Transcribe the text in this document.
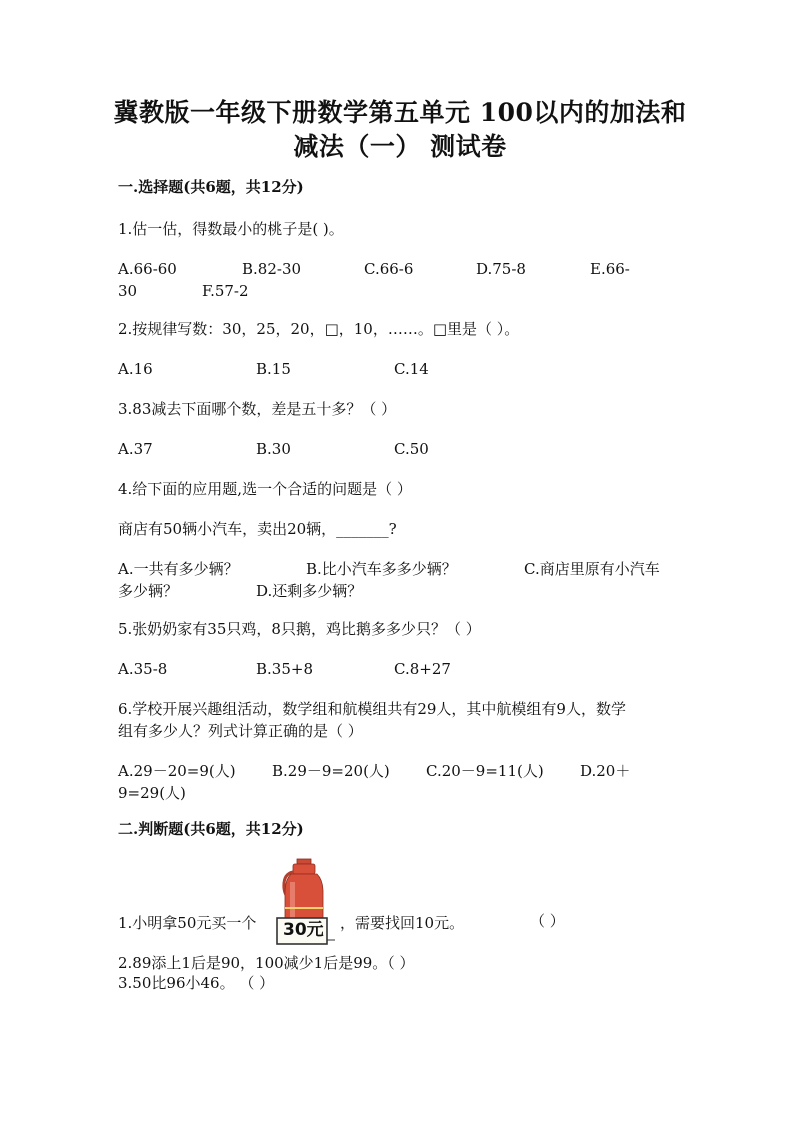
冀教版一年级下册数学第五单元 100以内的加法和
减法（一） 测试卷
一.选择题(共6题，共12分)
1.估一估，得数最小的桃子是( )。
A.66-60	B.82-30	C.66-6	D.75-8	E.66-
30	F.57-2
2.按规律写数：30，25，20，□，10，……。□里是（ ）。
A.16	B.15	C.14
3.83减去下面哪个数，差是五十多？（ ）
A.37	B.30	C.50
4.给下面的应用题,选一个合适的问题是（ ）
商店有50辆小汽车，卖出20辆，_______?
A.一共有多少辆？	B.比小汽车多多少辆？	C.商店里原有小汽车
多少辆？	D.还剩多少辆？
5.张奶奶家有35只鸡，8只鹅，鸡比鹅多多少只？（ ）
A.35-8	B.35+8	C.8+27
6.学校开展兴趣组活动，数学组和航模组共有29人，其中航模组有9人，数学
组有多少人？列式计算正确的是（ ）
A.29－20=9(人) B.29－9=20(人) C.20－9=11(人) D.20＋
9=29(人)
二.判断题(共6题，共12分)
1.小明拿50元买一个 30元 ，需要找回10元。	（ ）
2.89添上1后是90，100减少1后是99。（ ）
3.50比96小46。 （ ）
